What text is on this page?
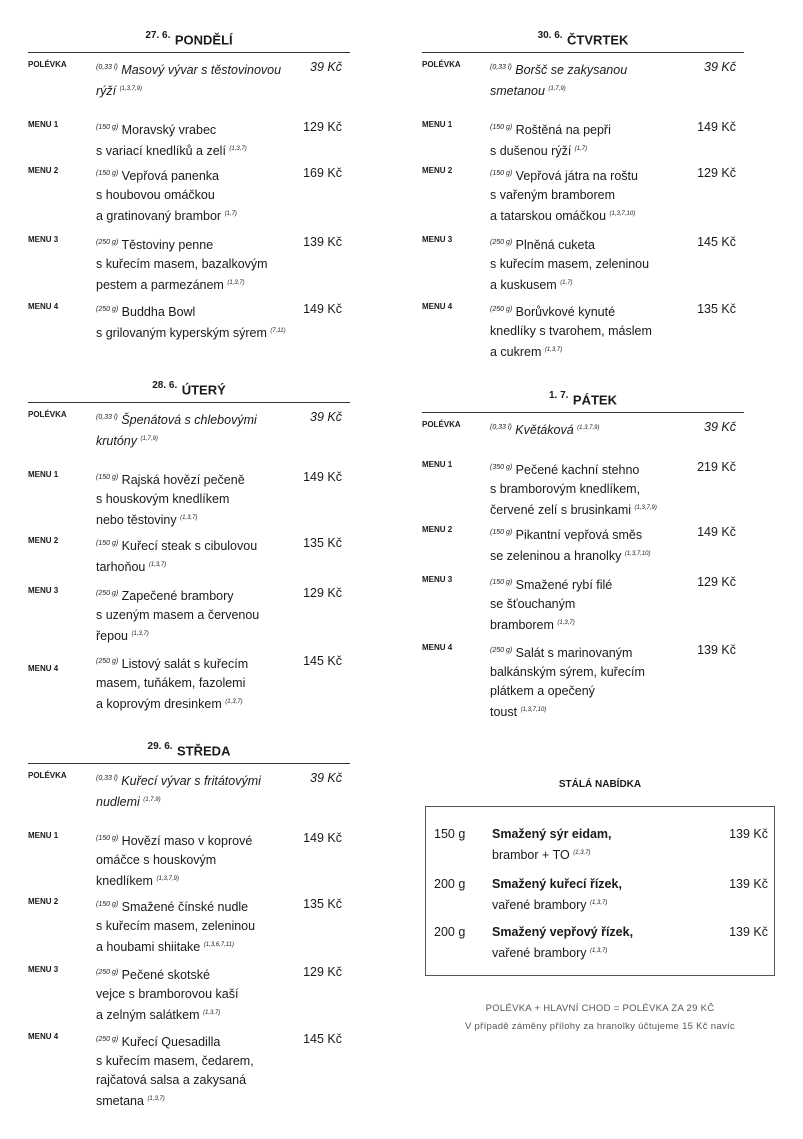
$^{27. 6.}$ PONDĚLÍ
POLÉVKA	$^{(0,33 l)}$ Masový vývar s těstovinovou rýží $^{(1,3,7,9)}$
39 Kč
MENU 1	$^{(150 g)}$ Moravský vrabec
s variací knedlíků a zelí $^{(1,3,7)}$
129 Kč
MENU 2	$^{(150 g)}$ Vepřová panenka
s houbovou omáčkou
a gratinovaný brambor $^{(1,7)}$
169 Kč
MENU 3	$^{(250 g)}$ Těstoviny penne
s kuřecím masem, bazalkovým
pestem a parmezánem $^{(1,3,7)}$
139 Kč
MENU 4	$^{(250 g)}$ Buddha Bowl
s grilovaným kyperským sýrem $^{(7,11)}$
149 Kč
$^{28. 6.}$ ÚTERÝ
POLÉVKA	$^{(0,33 l)}$ Špenátová s chlebovými krutóny $^{(1,7,9)}$
39 Kč
MENU 1	$^{(150 g)}$ Rajská hovězí pečeně
s houskovým knedlíkem
nebo těstoviny $^{(1,3,7)}$
149 Kč
MENU 2	$^{(150 g)}$ Kuřecí steak s cibulovou
tarhoňou $^{(1,3,7)}$
135 Kč
MENU 3	$^{(250 g)}$ Zapečené brambory
s uzeným masem a červenou
řepou $^{(1,3,7)}$
129 Kč
MENU 4
$^{(250 g)}$ Listový salát s kuřecím
masem, tuňákem, fazolemi
a koprovým dresinkem $^{(1,3,7)}$
145 Kč
$^{29. 6.}$ STŘEDA
POLÉVKA	$^{(0,33 l)}$ Kuřecí vývar s fritátovými nudlemi $^{(1,7,9)}$
39 Kč
MENU 1	$^{(150 g)}$ Hovězí maso v koprové
omáčce s houskovým
knedlíkem $^{(1,3,7,9)}$
149 Kč
MENU 2	$^{(150 g)}$ Smažené čínské nudle
s kuřecím masem, zeleninou
a houbami shiitake $^{(1,3,6,7,11)}$
135 Kč
MENU 3	$^{(250 g)}$ Pečené skotské
vejce s bramborovou kaší
a zelným salátkem $^{(1,3,7)}$
129 Kč
MENU 4	$^{(250 g)}$ Kuřecí Quesadilla
s kuřecím masem, čedarem,
rajčatová salsa a zakysaná
smetana $^{(1,3,7)}$
145 Kč
$^{30. 6.}$ ČTVRTEK
POLÉVKA	$^{(0,33 l)}$ Boršč se zakysanou smetanou $^{(1,7,9)}$
39 Kč
MENU 1	$^{(150 g)}$ Roštěná na pepři
s dušenou rýží $^{(1,7)}$
149 Kč
MENU 2	$^{(150 g)}$ Vepřová játra na roštu
s vařeným bramborem
a tatarskou omáčkou $^{(1,3,7,10)}$
129 Kč
MENU 3	$^{(250 g)}$ Plněná cuketa
s kuřecím masem, zeleninou
a kuskusem $^{(1,7)}$
145 Kč
MENU 4	$^{(250 g)}$ Borůvkové kynuté
knedlíky s tvarohem, máslem
a cukrem $^{(1,3,7)}$
135 Kč
$^{1. 7.}$ PÁTEK
POLÉVKA	$^{(0,33 l)}$ Květáková $^{(1,3,7,9)}$	39 Kč
MENU 1	$^{(350 g)}$ Pečené kachní stehno
s bramborovým knedlíkem,
červené zelí s brusinkami $^{(1,3,7,9)}$
219 Kč
MENU 2	$^{(150 g)}$ Pikantní vepřová směs
se zeleninou a hranolky $^{(1,3,7,10)}$
149 Kč
MENU 3	$^{(150 g)}$ Smažené rybí filé
se šťouchaným
bramborem $^{(1,3,7)}$
129 Kč
MENU 4	$^{(250 g)}$ Salát s marinovaným
balkánským sýrem, kuřecím
plátkem a opečený
toust $^{(1,3,7,10)}$
139 Kč
STÁLÁ NABÍDKA
150 g Smažený sýr eidam,
brambor + TO $^{(1,3,7)}$
139 Kč
200 g Smažený kuřecí řízek,
vařené brambory $^{(1,3,7)}$
139 Kč
200 g Smažený vepřový řízek,
vařené brambory $^{(1,3,7)}$
139 Kč
POLÉVKA + HLAVNÍ CHOD = POLÉVKA ZA 29 KČ
V případě záměny přílohy za hranolky účtujeme 15 Kč navíc
